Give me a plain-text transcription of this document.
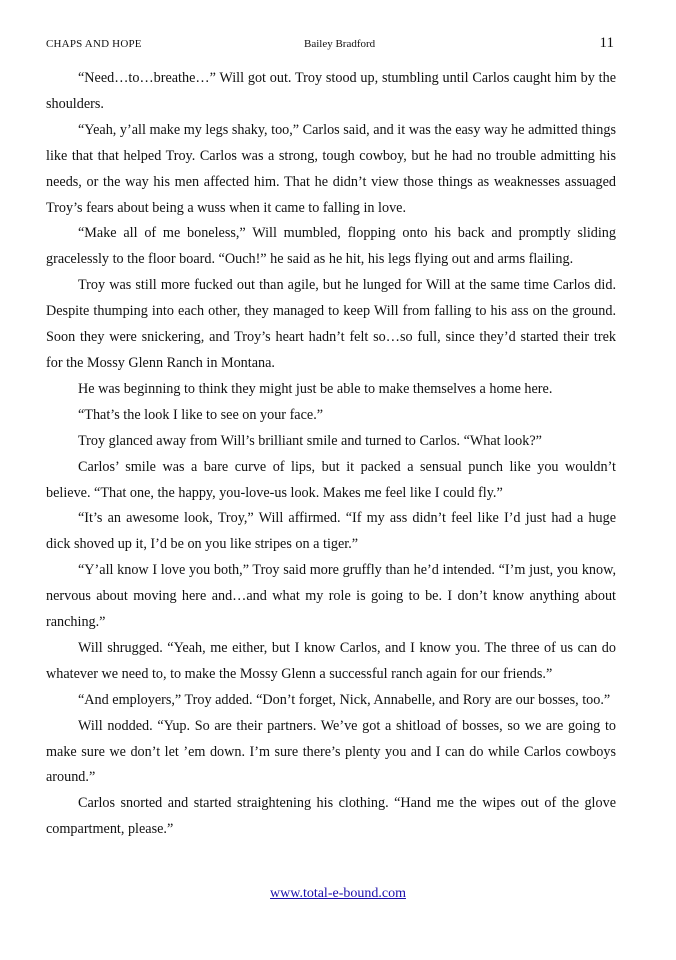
CHAPS AND HOPE	Bailey Bradford	11

“Need…to…breathe…” Will got out. Troy stood up, stumbling until Carlos caught him by the shoulders.

“Yeah, y’all make my legs shaky, too,” Carlos said, and it was the easy way he admitted things like that that helped Troy. Carlos was a strong, tough cowboy, but he had no trouble admitting his needs, or the way his men affected him. That he didn’t view those things as weaknesses assuaged Troy’s fears about being a wuss when it came to falling in love.

“Make all of me boneless,” Will mumbled, flopping onto his back and promptly sliding gracelessly to the floor board. “Ouch!” he said as he hit, his legs flying out and arms flailing.

Troy was still more fucked out than agile, but he lunged for Will at the same time Carlos did. Despite thumping into each other, they managed to keep Will from falling to his ass on the ground. Soon they were snickering, and Troy’s heart hadn’t felt so…so full, since they’d started their trek for the Mossy Glenn Ranch in Montana.

He was beginning to think they might just be able to make themselves a home here.

“That’s the look I like to see on your face.”

Troy glanced away from Will’s brilliant smile and turned to Carlos. “What look?”

Carlos’ smile was a bare curve of lips, but it packed a sensual punch like you wouldn’t believe. “That one, the happy, you-love-us look. Makes me feel like I could fly.”

“It’s an awesome look, Troy,” Will affirmed. “If my ass didn’t feel like I’d just had a huge dick shoved up it, I’d be on you like stripes on a tiger.”

“Y’all know I love you both,” Troy said more gruffly than he’d intended. “I’m just, you know, nervous about moving here and…and what my role is going to be. I don’t know anything about ranching.”

Will shrugged. “Yeah, me either, but I know Carlos, and I know you. The three of us can do whatever we need to, to make the Mossy Glenn a successful ranch again for our friends.”

“And employers,” Troy added. “Don’t forget, Nick, Annabelle, and Rory are our bosses, too.”

Will nodded. “Yup. So are their partners. We’ve got a shitload of bosses, so we are going to make sure we don’t let ’em down. I’m sure there’s plenty you and I can do while Carlos cowboys around.”

Carlos snorted and started straightening his clothing. “Hand me the wipes out of the glove compartment, please.”

www.total-e-bound.com
